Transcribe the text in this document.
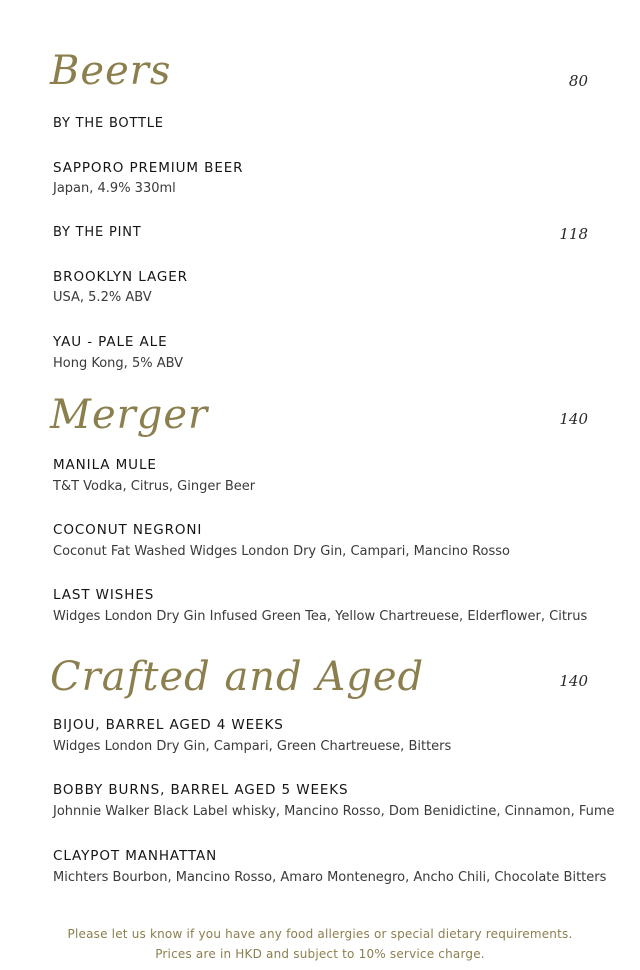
Beers	80
BY THE BOTTLE
SAPPORO PREMIUM BEER
Japan, 4.9% 330ml
BY THE PINT	118
BROOKLYN LAGER
USA, 5.2% ABV
YAU - PALE ALE
Hong Kong, 5% ABV
Merger	140
MANILA MULE
T&T Vodka, Citrus, Ginger Beer
COCONUT NEGRONI
Coconut Fat Washed Widges London Dry Gin, Campari, Mancino Rosso
LAST WISHES
Widges London Dry Gin Infused Green Tea, Yellow Chartreuese, Elderflower, Citrus
Crafted and Aged	140
BIJOU, BARREL AGED 4 WEEKS
Widges London Dry Gin, Campari, Green Chartreuese, Bitters
BOBBY BURNS, BARREL AGED 5 WEEKS
Johnnie Walker Black Label whisky, Mancino Rosso, Dom Benidictine, Cinnamon, Fume
CLAYPOT MANHATTAN
Michters Bourbon, Mancino Rosso, Amaro Montenegro, Ancho Chili, Chocolate Bitters
Please let us know if you have any food allergies or special dietary requirements.
Prices are in HKD and subject to 10% service charge.
